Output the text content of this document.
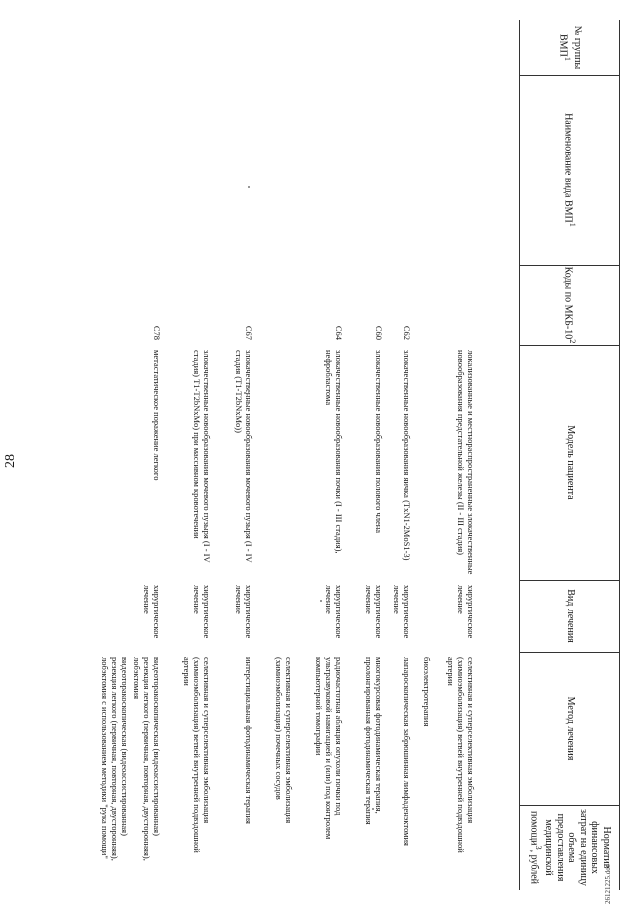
28
26121225.doc
№ группы ВМП$^1$
Наименование вида ВМП$^1$
Коды по МКБ-$10^2$
Модель пациента
Вид лечения
Метод лечения
Норматив финансовых затрат на единицу объема предоставления медицинской помощи$^3$, рублей
локализованные и местнораспространенные злокачественные новообразования предстательной железы (II - III стадия)
хирургическое лечение
селективная и суперселективная эмболизация (химиоэмболизация) ветвей внутренней подвздошной артерии
биоэлектротерапия
C62
злокачественные новообразования яичка (TxN1-2MoS1-3)
хирургическое лечение
лапароскопическая забрюшинная лимфаденэктомия
C60
злокачественные новообразования полового члена
хирургическое лечение
многокурсовая фотодинамическая терапия, пролонгированная фотодинамическая терапия
C64
злокачественные новообразования почки (I - III стадия), нефробластома
хирургическое лечение
радиочастотная абляция опухоли почки под ультразвуковой навигацией и (или) под контролем компьютерной томографии
селективная и суперселективная эмболизация (химиоэмболизация) почечных сосудов
C67
злокачественные новообразования мочевого пузыря (I - IV стадия (T1-T2bNxMo))
хирургическое лечение
интерстициальная фотодинамическая терапия
злокачественные новообразования мочевого пузыря (I - IV стадия) T1-T2bNxMo) при массивном кровотечении
хирургическое лечение
селективная и суперселективная эмболизация (химиоэмболизация) ветвей внутренней подвздошной артерии
C78
метастатическое поражение легкого
хирургическое лечение
видеоторакоскопическая (видеоассистированная) резекция легкого (первичная, повторная, двусторонняя), лобэктомия
видеоторакоскопическая (видеоассистированная) резекция легкого (первичная, повторная, двусторонняя), лобэктомия с использованием методики "рука помощи"
